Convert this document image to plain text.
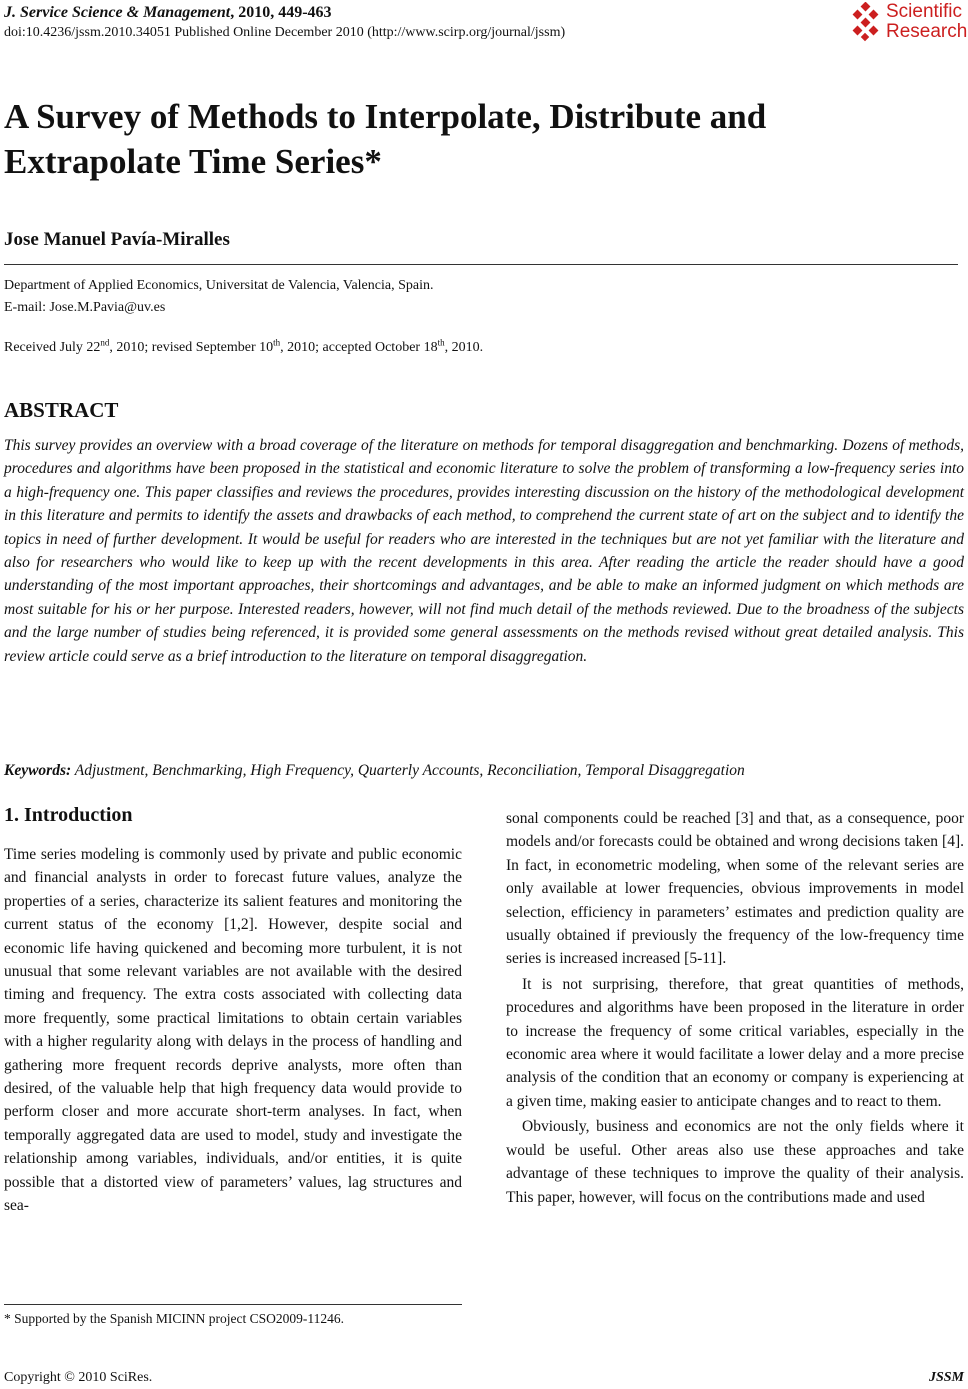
J. Service Science & Management, 2010, 449-463
doi:10.4236/jssm.2010.34051 Published Online December 2010 (http://www.scirp.org/journal/jssm)
Scientific
Research
A Survey of Methods to Interpolate, Distribute and Extrapolate Time Series*
Jose Manuel Pavía-Miralles
Department of Applied Economics, Universitat de Valencia, Valencia, Spain.
E-mail: Jose.M.Pavia@uv.es
Received July 22nd, 2010; revised September 10th, 2010; accepted October 18th, 2010.
ABSTRACT

This survey provides an overview with a broad coverage of the literature on methods for temporal disaggregation and benchmarking. Dozens of methods, procedures and algorithms have been proposed in the statistical and economic literature to solve the problem of transforming a low-frequency series into a high-frequency one. This paper classifies and reviews the procedures, provides interesting discussion on the history of the methodological development in this literature and permits to identify the assets and drawbacks of each method, to comprehend the current state of art on the subject and to identify the topics in need of further development. It would be useful for readers who are interested in the techniques but are not yet familiar with the literature and also for researchers who would like to keep up with the recent developments in this area. After reading the article the reader should have a good understanding of the most important approaches, their shortcomings and advantages, and be able to make an informed judgment on which methods are most suitable for his or her purpose. Interested readers, however, will not find much detail of the methods reviewed. Due to the broadness of the subjects and the large number of studies being referenced, it is provided some general assessments on the methods revised without great detailed analysis. This review article could serve as a brief introduction to the literature on temporal disaggregation.

Keywords: Adjustment, Benchmarking, High Frequency, Quarterly Accounts, Reconciliation, Temporal Disaggregation
1. Introduction

Time series modeling is commonly used by private and public economic and financial analysts in order to forecast future values, analyze the properties of a series, characterize its salient features and monitoring the current status of the economy [1,2]. However, despite social and economic life having quickened and becoming more turbulent, it is not unusual that some relevant variables are not available with the desired timing and frequency. The extra costs associated with collecting data more frequently, some practical limitations to obtain certain variables with a higher regularity along with delays in the process of handling and gathering more frequent records deprive analysts, more often than desired, of the valuable help that high frequency data would provide to perform closer and more accurate short-term analyses. In fact, when temporally aggregated data are used to model, study and investigate the relationship among variables, individuals, and/or entities, it is quite possible that a distorted view of parameters’ values, lag structures and sea-

sonal components could be reached [3] and that, as a consequence, poor models and/or forecasts could be obtained and wrong decisions taken [4]. In fact, in econometric modeling, when some of the relevant series are only available at lower frequencies, obvious improvements in model selection, efficiency in parameters’ estimates and prediction quality are usually obtained if previously the frequency of the low-frequency time series is increased increased [5-11].

It is not surprising, therefore, that great quantities of methods, procedures and algorithms have been proposed in the literature in order to increase the frequency of some critical variables, especially in the economic area where it would facilitate a lower delay and a more precise analysis of the condition that an economy or company is experiencing at a given time, making easier to anticipate changes and to react to them.

Obviously, business and economics are not the only fields where it would be useful. Other areas also use these approaches and take advantage of these techniques to improve the quality of their analysis. This paper, however, will focus on the contributions made and used

* Supported by the Spanish MICINN project CSO2009-11246.
Copyright © 2010 SciRes.	JSSM
